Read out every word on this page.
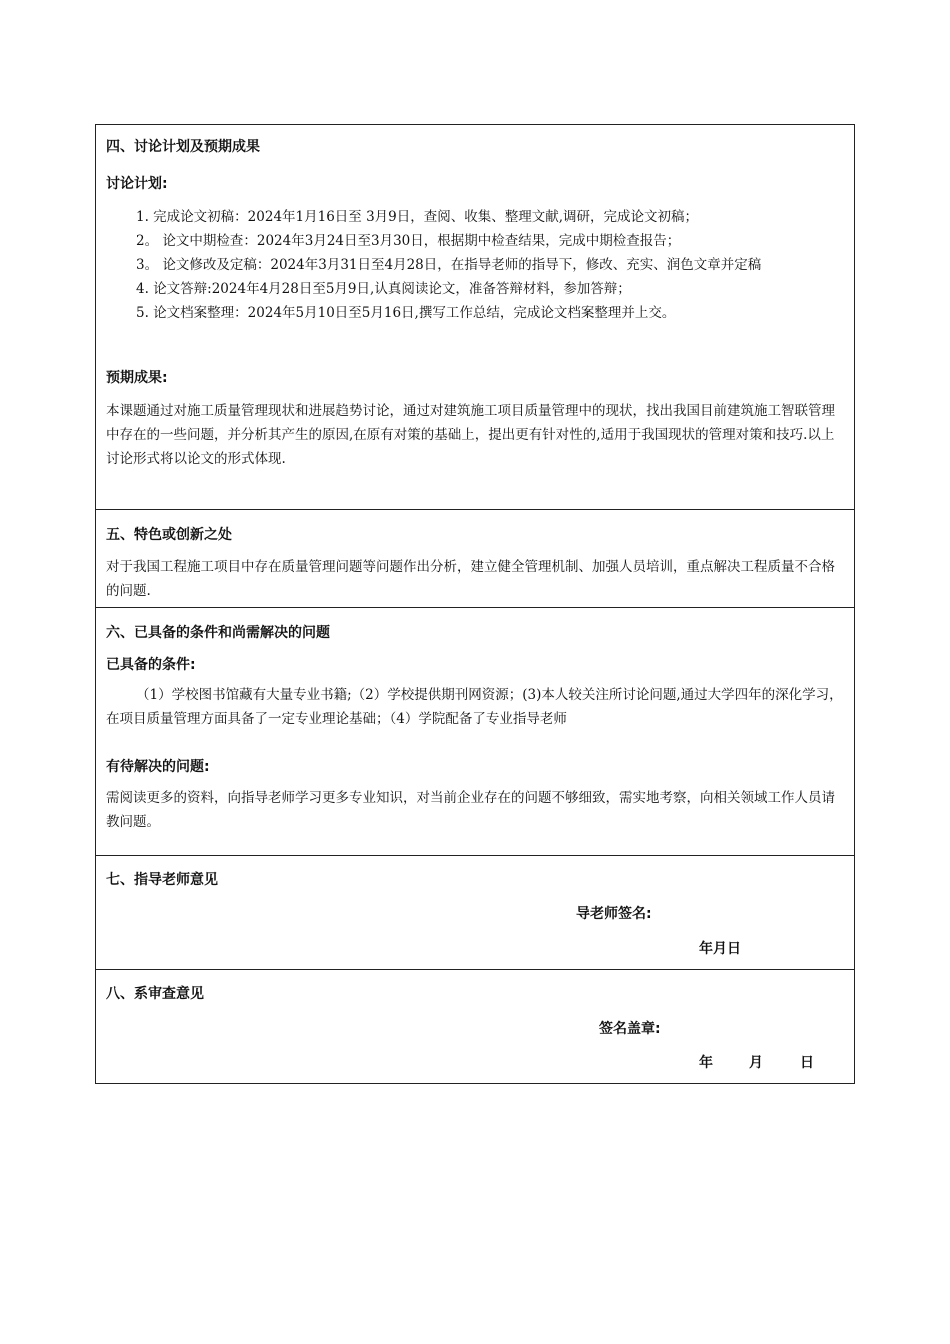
四、讨论计划及预期成果
讨论计划:
1. 完成论文初稿：2024年1月16日至 3月9日，查阅、收集、整理文献,调研，完成论文初稿；
2。 论文中期检查：2024年3月24日至3月30日，根据期中检查结果，完成中期检查报告；
3。 论文修改及定稿：2024年3月31日至4月28日，在指导老师的指导下，修改、充实、润色文章并定稿
4. 论文答辩:2024年4月28日至5月9日,认真阅读论文，准备答辩材料，参加答辩；
5. 论文档案整理：2024年5月10日至5月16日,撰写工作总结，完成论文档案整理并上交。
预期成果:
本课题通过对施工质量管理现状和进展趋势讨论，通过对建筑施工项目质量管理中的现状，找出我国目前建筑施工智联管理中存在的一些问题，并分析其产生的原因,在原有对策的基础上，提出更有针对性的,适用于我国现状的管理对策和技巧.以上讨论形式将以论文的形式体现.
五、特色或创新之处
对于我国工程施工项目中存在质量管理问题等问题作出分析，建立健全管理机制、加强人员培训，重点解决工程质量不合格的问题.
六、已具备的条件和尚需解决的问题
已具备的条件:
（1）学校图书馆藏有大量专业书籍;（2）学校提供期刊网资源；(3)本人较关注所讨论问题,通过大学四年的深化学习，在项目质量管理方面具备了一定专业理论基础；（4）学院配备了专业指导老师
有待解决的问题:
需阅读更多的资料，向指导老师学习更多专业知识，对当前企业存在的问题不够细致，需实地考察，向相关领域工作人员请教问题。
七、指导老师意见
导老师签名:
年月日
八、系审查意见
签名盖章:
年	月	日
